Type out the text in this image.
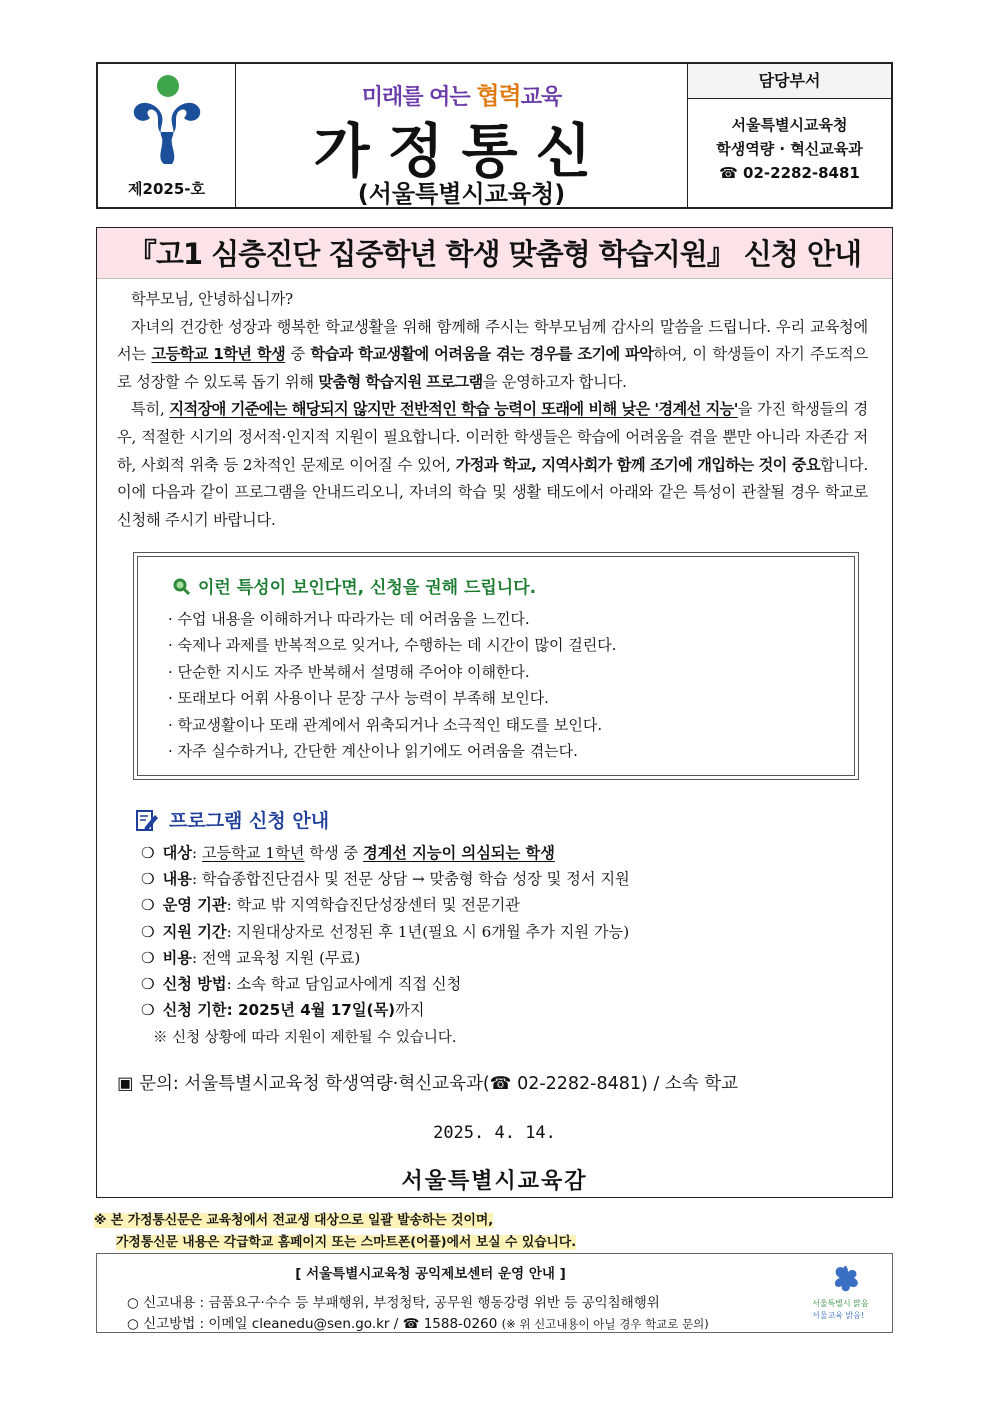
제2025-호
미래를 여는 협력교육
가정통신
(서울특별시교육청)
담당부서
서울특별시교육청
학생역량 · 혁신교육과
☎ 02-2282-8481
『고1 심층진단 집중학년 학생 맞춤형 학습지원』 신청 안내

학부모님, 안녕하십니까?

자녀의 건강한 성장과 행복한 학교생활을 위해 함께해 주시는 학부모님께 감사의 말씀을 드립니다. 우리 교육청에서는 고등학교 1학년 학생 중 학습과 학교생활에 어려움을 겪는 경우를 조기에 파악하여, 이 학생들이 자기 주도적으로 성장할 수 있도록 돕기 위해 맞춤형 학습지원 프로그램을 운영하고자 합니다.

특히, 지적장애 기준에는 해당되지 않지만 전반적인 학습 능력이 또래에 비해 낮은 '경계선 지능'을 가진 학생들의 경우, 적절한 시기의 정서적·인지적 지원이 필요합니다. 이러한 학생들은 학습에 어려움을 겪을 뿐만 아니라 자존감 저하, 사회적 위축 등 2차적인 문제로 이어질 수 있어, 가정과 학교, 지역사회가 함께 조기에 개입하는 것이 중요합니다. 이에 다음과 같이 프로그램을 안내드리오니, 자녀의 학습 및 생활 태도에서 아래와 같은 특성이 관찰될 경우 학교로 신청해 주시기 바랍니다.

이런 특성이 보인다면, 신청을 권해 드립니다.
· 수업 내용을 이해하거나 따라가는 데 어려움을 느낀다.
· 숙제나 과제를 반복적으로 잊거나, 수행하는 데 시간이 많이 걸린다.
· 단순한 지시도 자주 반복해서 설명해 주어야 이해한다.
· 또래보다 어휘 사용이나 문장 구사 능력이 부족해 보인다.
· 학교생활이나 또래 관계에서 위축되거나 소극적인 태도를 보인다.
· 자주 실수하거나, 간단한 계산이나 읽기에도 어려움을 겪는다.
프로그램 신청 안내
❍ 대상: 고등학교 1학년 학생 중 경계선 지능이 의심되는 학생
❍ 내용: 학습종합진단검사 및 전문 상담 → 맞춤형 학습 성장 및 정서 지원
❍ 운영 기관: 학교 밖 지역학습진단성장센터 및 전문기관
❍ 지원 기간: 지원대상자로 선정된 후 1년(필요 시 6개월 추가 지원 가능)
❍ 비용: 전액 교육청 지원 (무료)
❍ 신청 방법: 소속 학교 담임교사에게 직접 신청
❍ 신청 기한: 2025년 4월 17일(목)까지
※ 신청 상황에 따라 지원이 제한될 수 있습니다.
▣ 문의: 서울특별시교육청 학생역량·혁신교육과(☎ 02-2282-8481) / 소속 학교
2025. 4. 14.
서울특별시교육감
※ 본 가정통신문은 교육청에서 전교생 대상으로 일괄 발송하는 것이며,
가정통신문 내용은 각급학교 홈페이지 또는 스마트폰(어플)에서 보실 수 있습니다.
[ 서울특별시교육청 공익제보센터 운영 안내 ]
○ 신고내용 : 금품요구·수수 등 부패행위, 부정청탁, 공무원 행동강령 위반 등 공익침해행위
○ 신고방법 : 이메일 cleanedu@sen.go.kr / ☎ 1588-0260 (※ 위 신고내용이 아닐 경우 학교로 문의)
서울특별시 맑음
서울교육 밝음!
